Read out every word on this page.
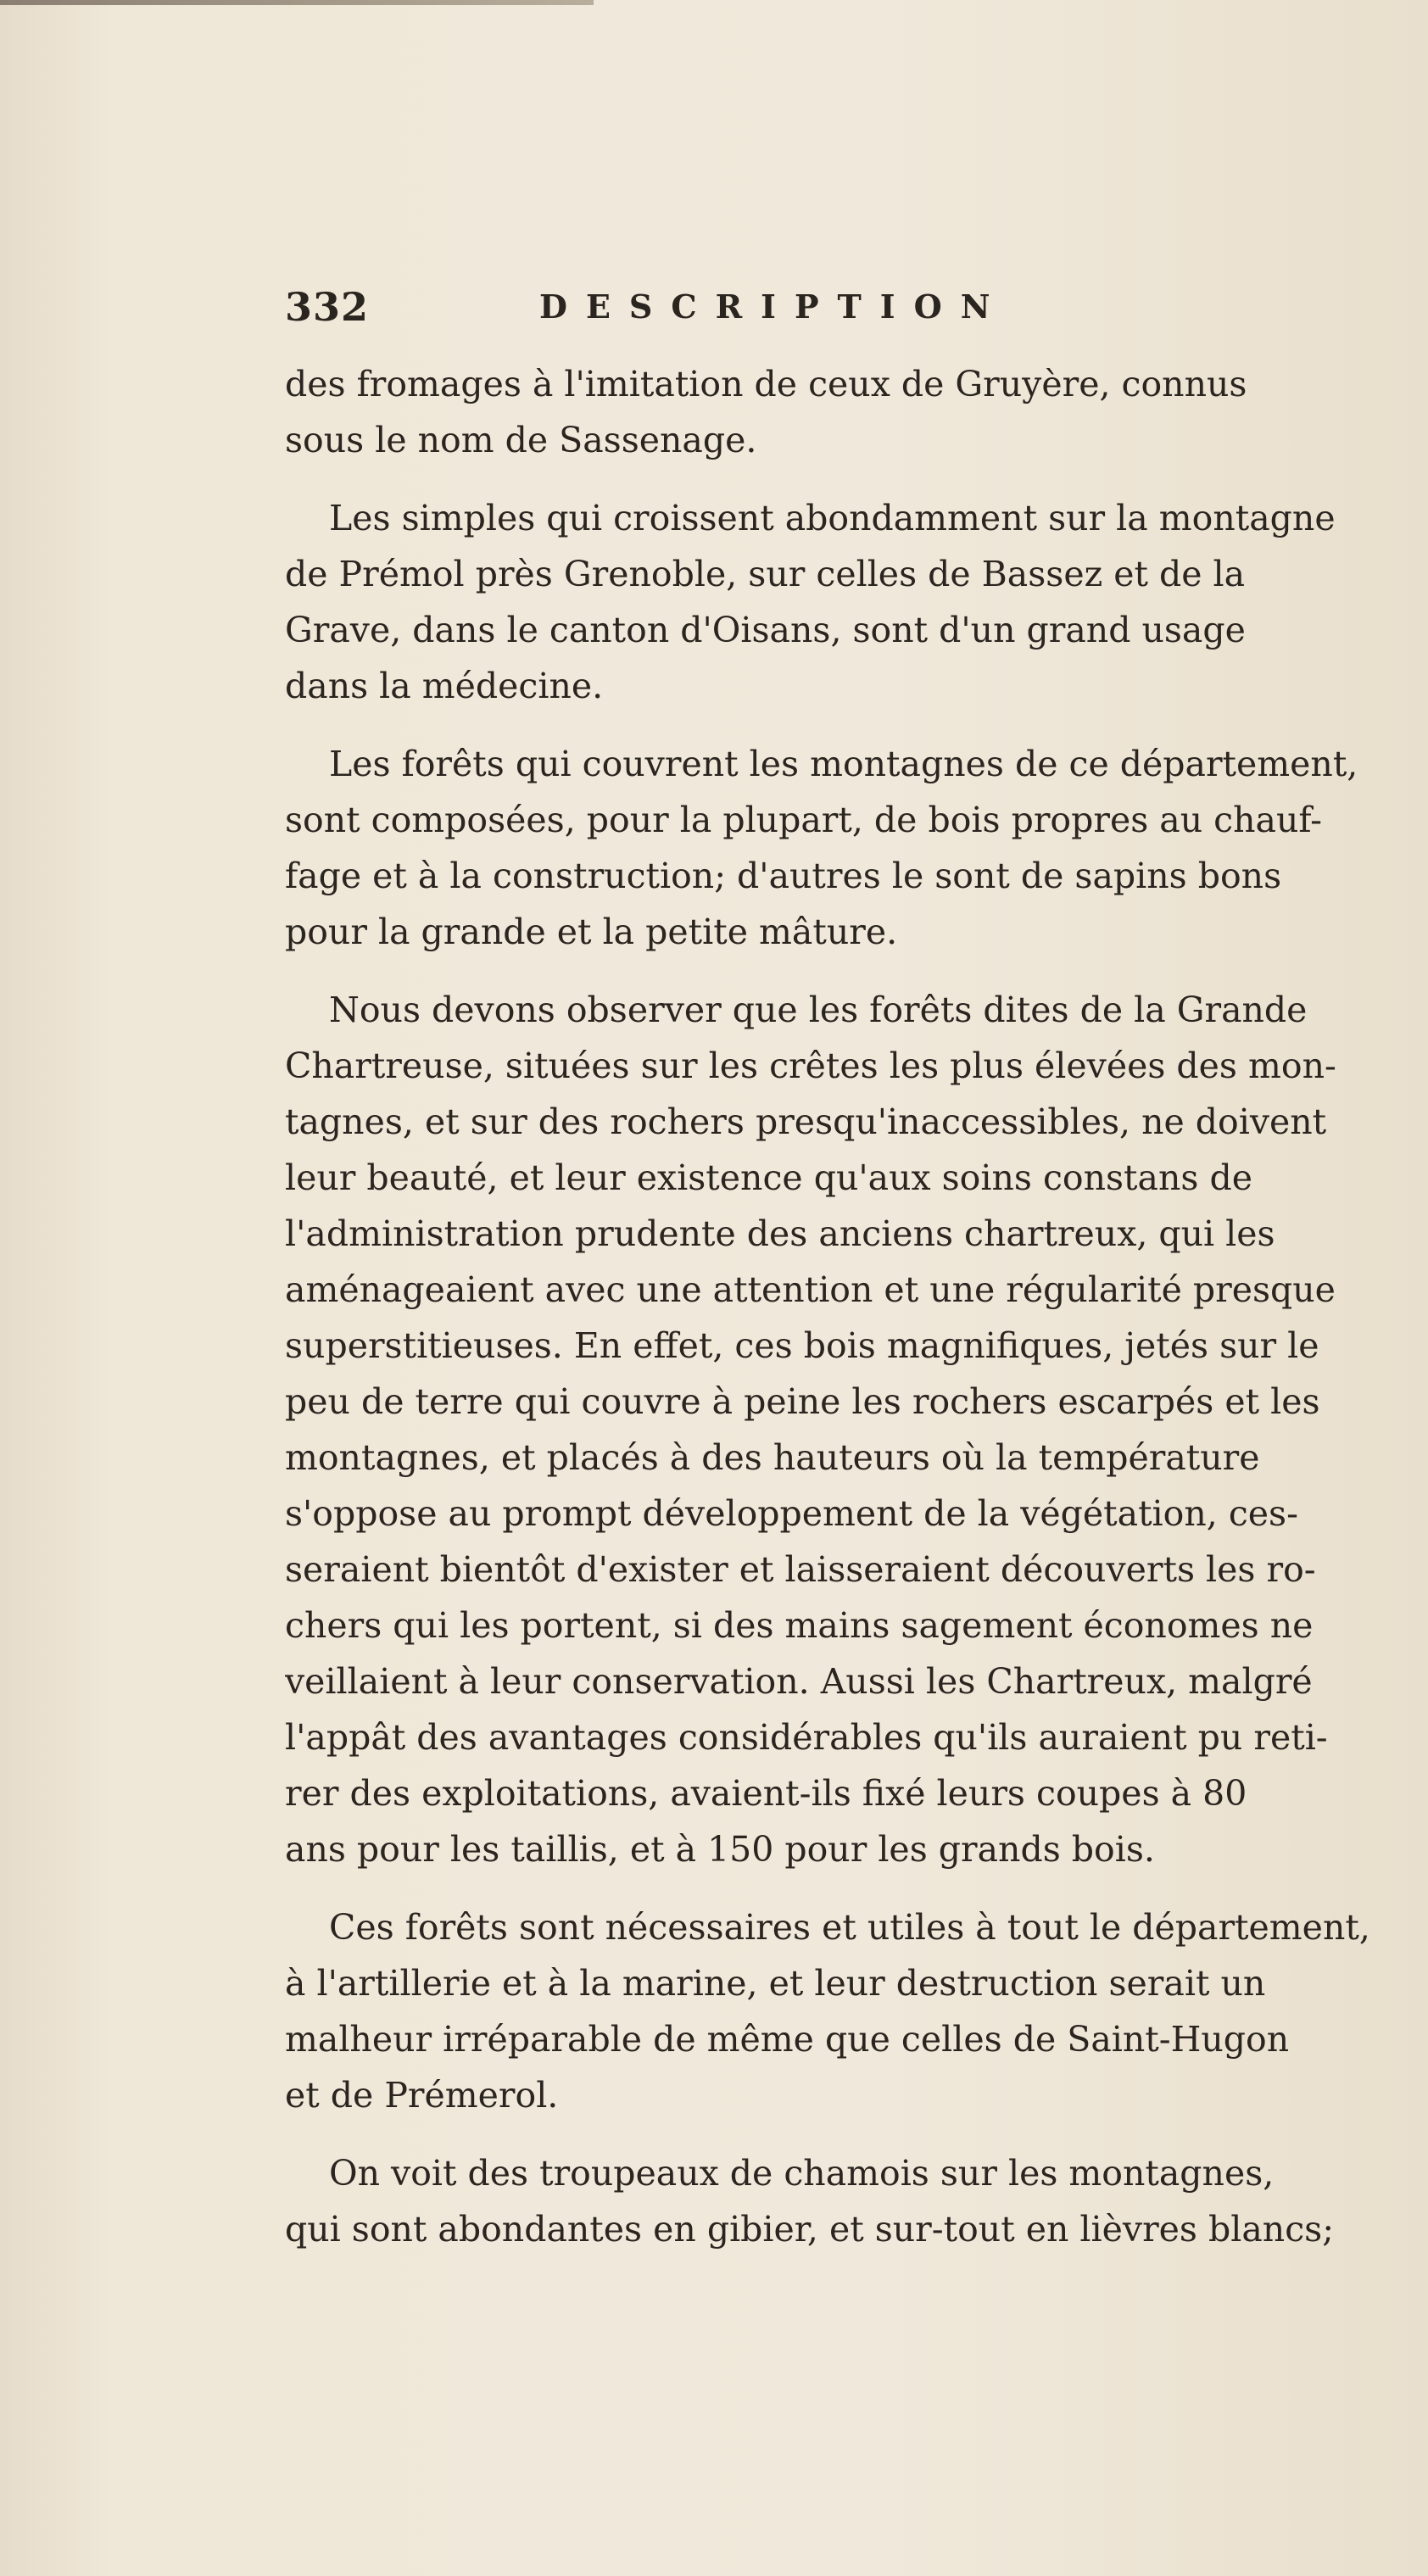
332	DESCRIPTION
des fromages à l'imitation de ceux de Gruyère, connus
sous le nom de Sassenage.
Les simples qui croissent abondamment sur la montagne
de Prémol près Grenoble, sur celles de Bassez et de la
Grave, dans le canton d'Oisans, sont d'un grand usage
dans la médecine.
Les forêts qui couvrent les montagnes de ce département,
sont composées, pour la plupart, de bois propres au chauf-
fage et à la construction; d'autres le sont de sapins bons
pour la grande et la petite mâture.
Nous devons observer que les forêts dites de la Grande
Chartreuse, situées sur les crêtes les plus élevées des mon-
tagnes, et sur des rochers presqu'inaccessibles, ne doivent
leur beauté, et leur existence qu'aux soins constans de
l'administration prudente des anciens chartreux, qui les
aménageaient avec une attention et une régularité presque
superstitieuses. En effet, ces bois magnifiques, jetés sur le
peu de terre qui couvre à peine les rochers escarpés et les
montagnes, et placés à des hauteurs où la température
s'oppose au prompt développement de la végétation, ces-
seraient bientôt d'exister et laisseraient découverts les ro-
chers qui les portent, si des mains sagement économes ne
veillaient à leur conservation. Aussi les Chartreux, malgré
l'appât des avantages considérables qu'ils auraient pu reti-
rer des exploitations, avaient-ils fixé leurs coupes à 80
ans pour les taillis, et à 150 pour les grands bois.
Ces forêts sont nécessaires et utiles à tout le département,
à l'artillerie et à la marine, et leur destruction serait un
malheur irréparable de même que celles de Saint-Hugon
et de Prémerol.
On voit des troupeaux de chamois sur les montagnes,
qui sont abondantes en gibier, et sur-tout en lièvres blancs;
